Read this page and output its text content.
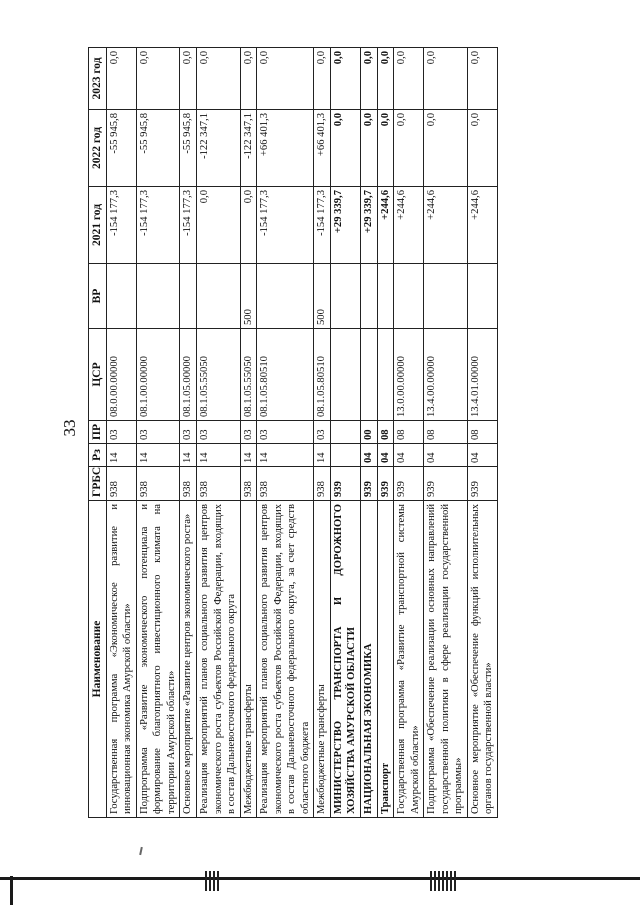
33
Наименование	ГРБС	Рз	ПР	ЦСР	ВР	2021 год	2022 год	2023 год
Государственная программа «Экономическое развитие и инновационная экономика Амурской области»	938	14	03	08.0.00.00000		-154 177,3	-55 945,8	0,0
Подпрограмма «Развитие экономического потенциала и формирование благоприятного инвестиционного климата на территории Амурской области»	938	14	03	08.1.00.00000		-154 177,3	-55 945,8	0,0
Основное мероприятие «Развитие центров экономического роста»	938	14	03	08.1.05.00000		-154 177,3	-55 945,8	0,0
Реализация мероприятий планов социального развития центров экономического роста субъектов Российской Федерации, входящих в состав Дальневосточного федерального округа	938	14	03	08.1.05.55050		0,0	-122 347,1	0,0
Межбюджетные трансферты	938	14	03	08.1.05.55050	500	0,0	-122 347,1	0,0
Реализация мероприятий планов социального развития центров экономического роста субъектов Российской Федерации, входящих в состав Дальневосточного федерального округа, за счет средств областного бюджета	938	14	03	08.1.05.80510		-154 177,3	+66 401,3	0,0
Межбюджетные трансферты	938	14	03	08.1.05.80510	500	-154 177,3	+66 401,3	0,0
МИНИСТЕРСТВО ТРАНСПОРТА И ДОРОЖНОГО ХОЗЯЙСТВА АМУРСКОЙ ОБЛАСТИ	939					+29 339,7	0,0	0,0
НАЦИОНАЛЬНАЯ ЭКОНОМИКА	939	04	00			+29 339,7	0,0	0,0
Транспорт	939	04	08			+244,6	0,0	0,0
Государственная программа «Развитие транспортной системы Амурской области»	939	04	08	13.0.00.00000		+244,6	0,0	0,0
Подпрограмма «Обеспечение реализации основных направлений государственной политики в сфере реализации государственной программы»	939	04	08	13.4.00.00000		+244,6	0,0	0,0
Основное мероприятие «Обеспечение функций исполнительных органов государственной власти»	939	04	08	13.4.01.00000		+244,6	0,0	0,0
